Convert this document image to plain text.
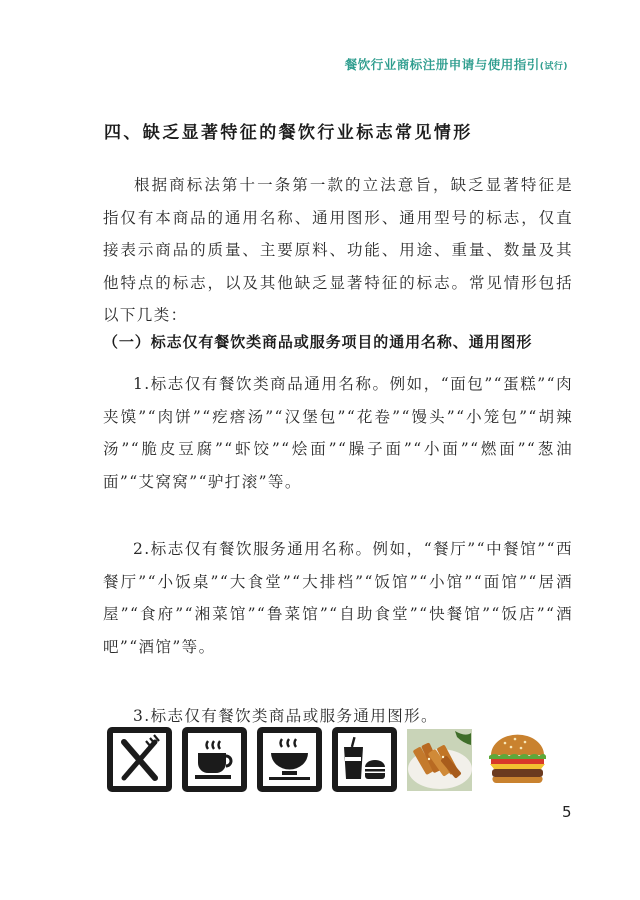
餐饮行业商标注册申请与使用指引(试行)
四、缺乏显著特征的餐饮行业标志常见情形

根据商标法第十一条第一款的立法意旨，缺乏显著特征是指仅有本商品的通用名称、通用图形、通用型号的标志，仅直接表示商品的质量、主要原料、功能、用途、重量、数量及其他特点的标志，以及其他缺乏显著特征的标志。常见情形包括以下几类：

（一）标志仅有餐饮类商品或服务项目的通用名称、通用图形

1.标志仅有餐饮类商品通用名称。例如，“面包”“蛋糕”“肉夹馍”“肉饼”“疙瘩汤”“汉堡包”“花卷”“馒头”“小笼包”“胡辣汤”“脆皮豆腐”“虾饺”“烩面”“臊子面”“小面”“燃面”“葱油面”“艾窝窝”“驴打滚”等。

2.标志仅有餐饮服务通用名称。例如，“餐厅”“中餐馆”“西餐厅”“小饭桌”“大食堂”“大排档”“饭馆”“小馆”“面馆”“居酒屋”“食府”“湘菜馆”“鲁菜馆”“自助食堂”“快餐馆”“饭店”“酒吧”“酒馆”等。

3.标志仅有餐饮类商品或服务通用图形。

5
